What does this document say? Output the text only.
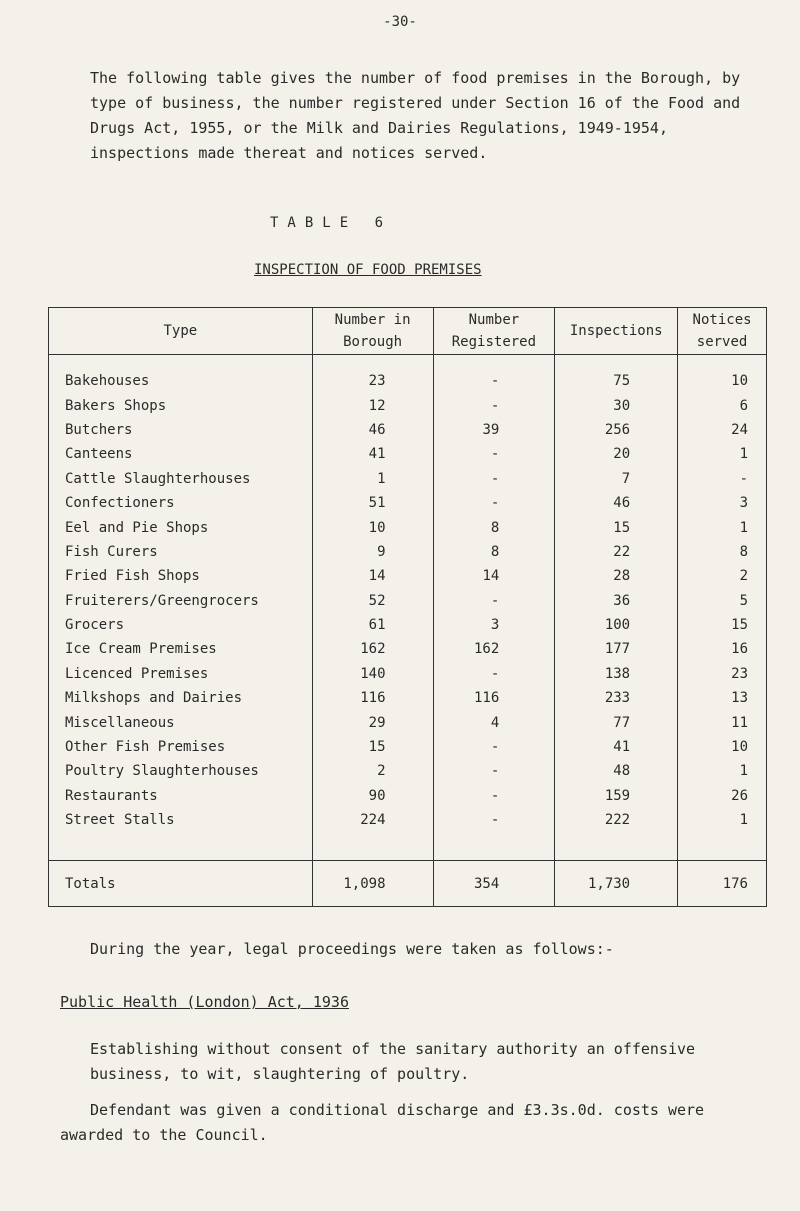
-30-

The following table gives the number of food premises in the Borough, by type of business, the number registered under Section 16 of the Food and Drugs Act, 1955, or the Milk and Dairies Regulations, 1949-1954, inspections made thereat and notices served.

TABLE 6
INSPECTION OF FOOD PREMISES
Type	Number in Borough	Number Registered	Inspections	Notices served

Bakehouses	23	-	75	10
Bakers Shops	12	-	30	6
Butchers	46	39	256	24
Canteens	41	-	20	1
Cattle Slaughterhouses	1	-	7	-
Confectioners	51	-	46	3
Eel and Pie Shops	10	8	15	1
Fish Curers	9	8	22	8
Fried Fish Shops	14	14	28	2
Fruiterers/Greengrocers	52	-	36	5
Grocers	61	3	100	15
Ice Cream Premises	162	162	177	16
Licenced Premises	140	-	138	23
Milkshops and Dairies	116	116	233	13
Miscellaneous	29	4	77	11
Other Fish Premises	15	-	41	10
Poultry Slaughterhouses	2	-	48	1
Restaurants	90	-	159	26
Street Stalls	224	-	222	1

Totals	1,098	354	1,730	176

During the year, legal proceedings were taken as follows:-

Public Health (London) Act, 1936

Establishing without consent of the sanitary authority an offensive business, to wit, slaughtering of poultry.

Defendant was given a conditional discharge and £3.3s.0d. costs were awarded to the Council.
